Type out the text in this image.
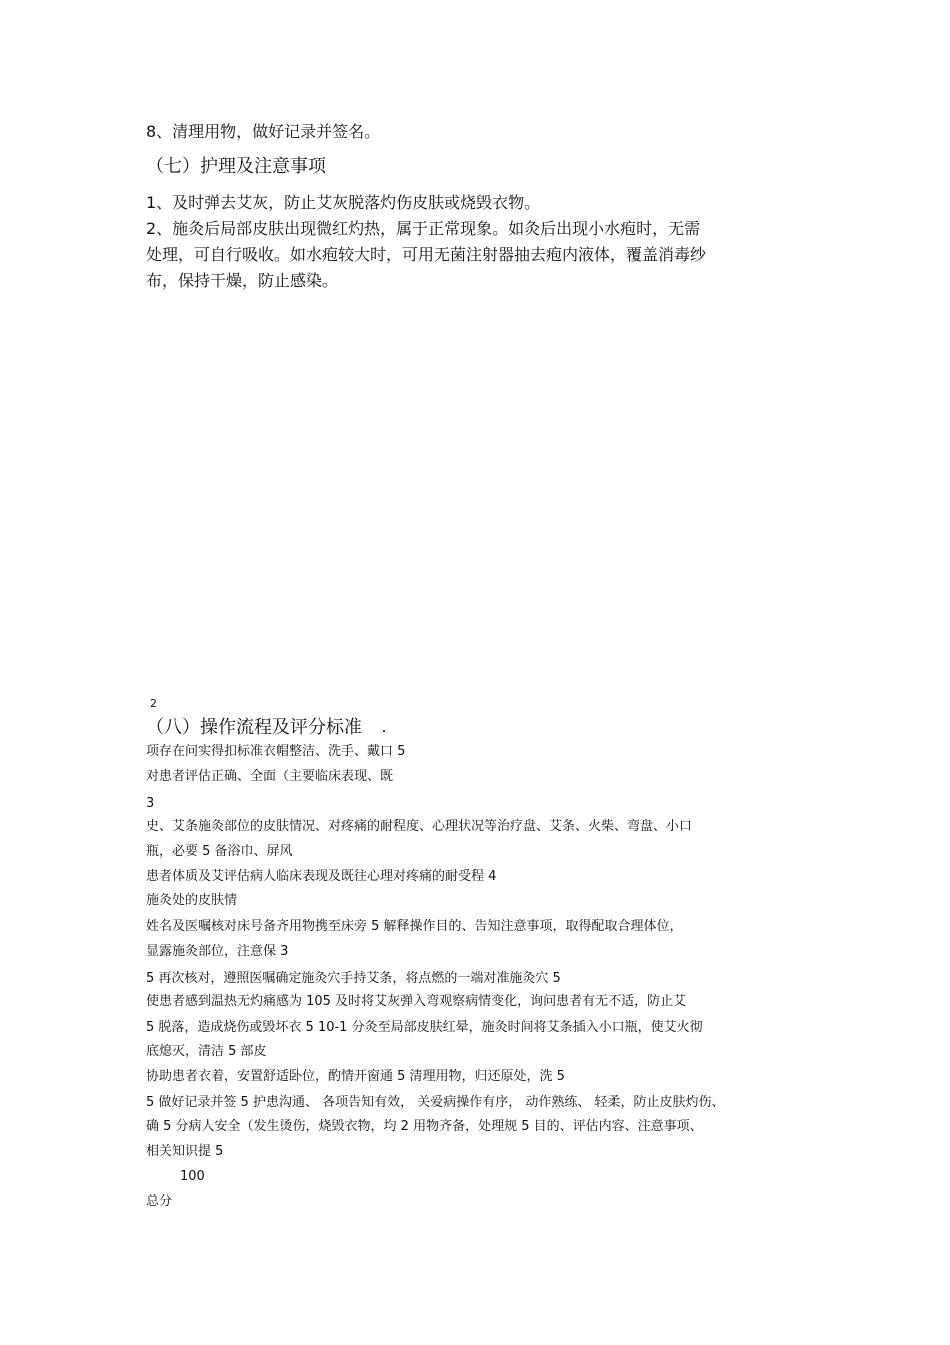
8、清理用物，做好记录并签名。
（七）护理及注意事项
1、及时弹去艾灰，防止艾灰脱落灼伤皮肤或烧毁衣物。
2、施灸后局部皮肤出现微红灼热，属于正常现象。如灸后出现小水疱时，无需
处理，可自行吸收。如水疱较大时，可用无菌注射器抽去疱内液体，覆盖消毒纱
布，保持干燥，防止感染。
2
（八）操作流程及评分标准
项存在问实得扣标准衣帽整洁、洗手、戴口 5
对患者评估正确、全面（主要临床表现、既
3
史、艾条施灸部位的皮肤情况、对疼痛的耐程度、心理状况等治疗盘、艾条、火柴、弯盘、小口
瓶，必要 5 备浴巾、屏风
患者体质及艾评估病人临床表现及既往心理对疼痛的耐受程 4
施灸处的皮肤情
姓名及医嘱核对床号备齐用物携至床旁 5 解释操作目的、告知注意事项，取得配取合理体位，
显露施灸部位，注意保 3
5 再次核对，遵照医嘱确定施灸穴手持艾条，将点燃的一端对准施灸穴 5
使患者感到温热无灼痛感为 105 及时将艾灰弹入弯观察病情变化，询问患者有无不适，防止艾
5 脱落，造成烧伤或毁坏衣 5 10-1 分灸至局部皮肤红晕，施灸时间将艾条插入小口瓶，使艾火彻
底熄灭，清洁 5 部皮
协助患者衣着，安置舒适卧位，酌情开窗通 5 清理用物，归还原处，洗 5
5 做好记录并签 5 护患沟通、 各项告知有效， 关爱病操作有序， 动作熟练、 轻柔，防止皮肤灼伤、
确 5 分病人安全（发生烫伤，烧毁衣物，均 2 用物齐备，处理规 5 目的、评估内容、注意事项、
相关知识提 5
100
总分
